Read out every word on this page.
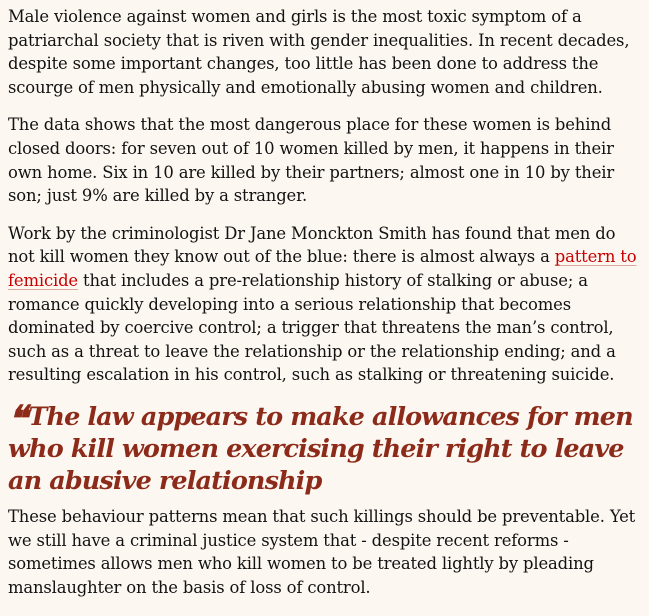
Male violence against women and girls is the most toxic symptom of a patriarchal society that is riven with gender inequalities. In recent decades, despite some important changes, too little has been done to address the scourge of men physically and emotionally abusing women and children.

The data shows that the most dangerous place for these women is behind closed doors: for seven out of 10 women killed by men, it happens in their own home. Six in 10 are killed by their partners; almost one in 10 by their son; just 9% are killed by a stranger.

Work by the criminologist Dr Jane Monckton Smith has found that men do not kill women they know out of the blue: there is almost always a pattern to femicide that includes a pre-relationship history of stalking or abuse; a romance quickly developing into a serious relationship that becomes dominated by coercive control; a trigger that threatens the man’s control, such as a threat to leave the relationship or the relationship ending; and a resulting escalation in his control, such as stalking or threatening suicide.

❝ The law appears to make allowances for men who kill women exercising their right to leave an abusive relationship

These behaviour patterns mean that such killings should be preventable. Yet we still have a criminal justice system that - despite recent reforms - sometimes allows men who kill women to be treated lightly by pleading manslaughter on the basis of loss of control.
